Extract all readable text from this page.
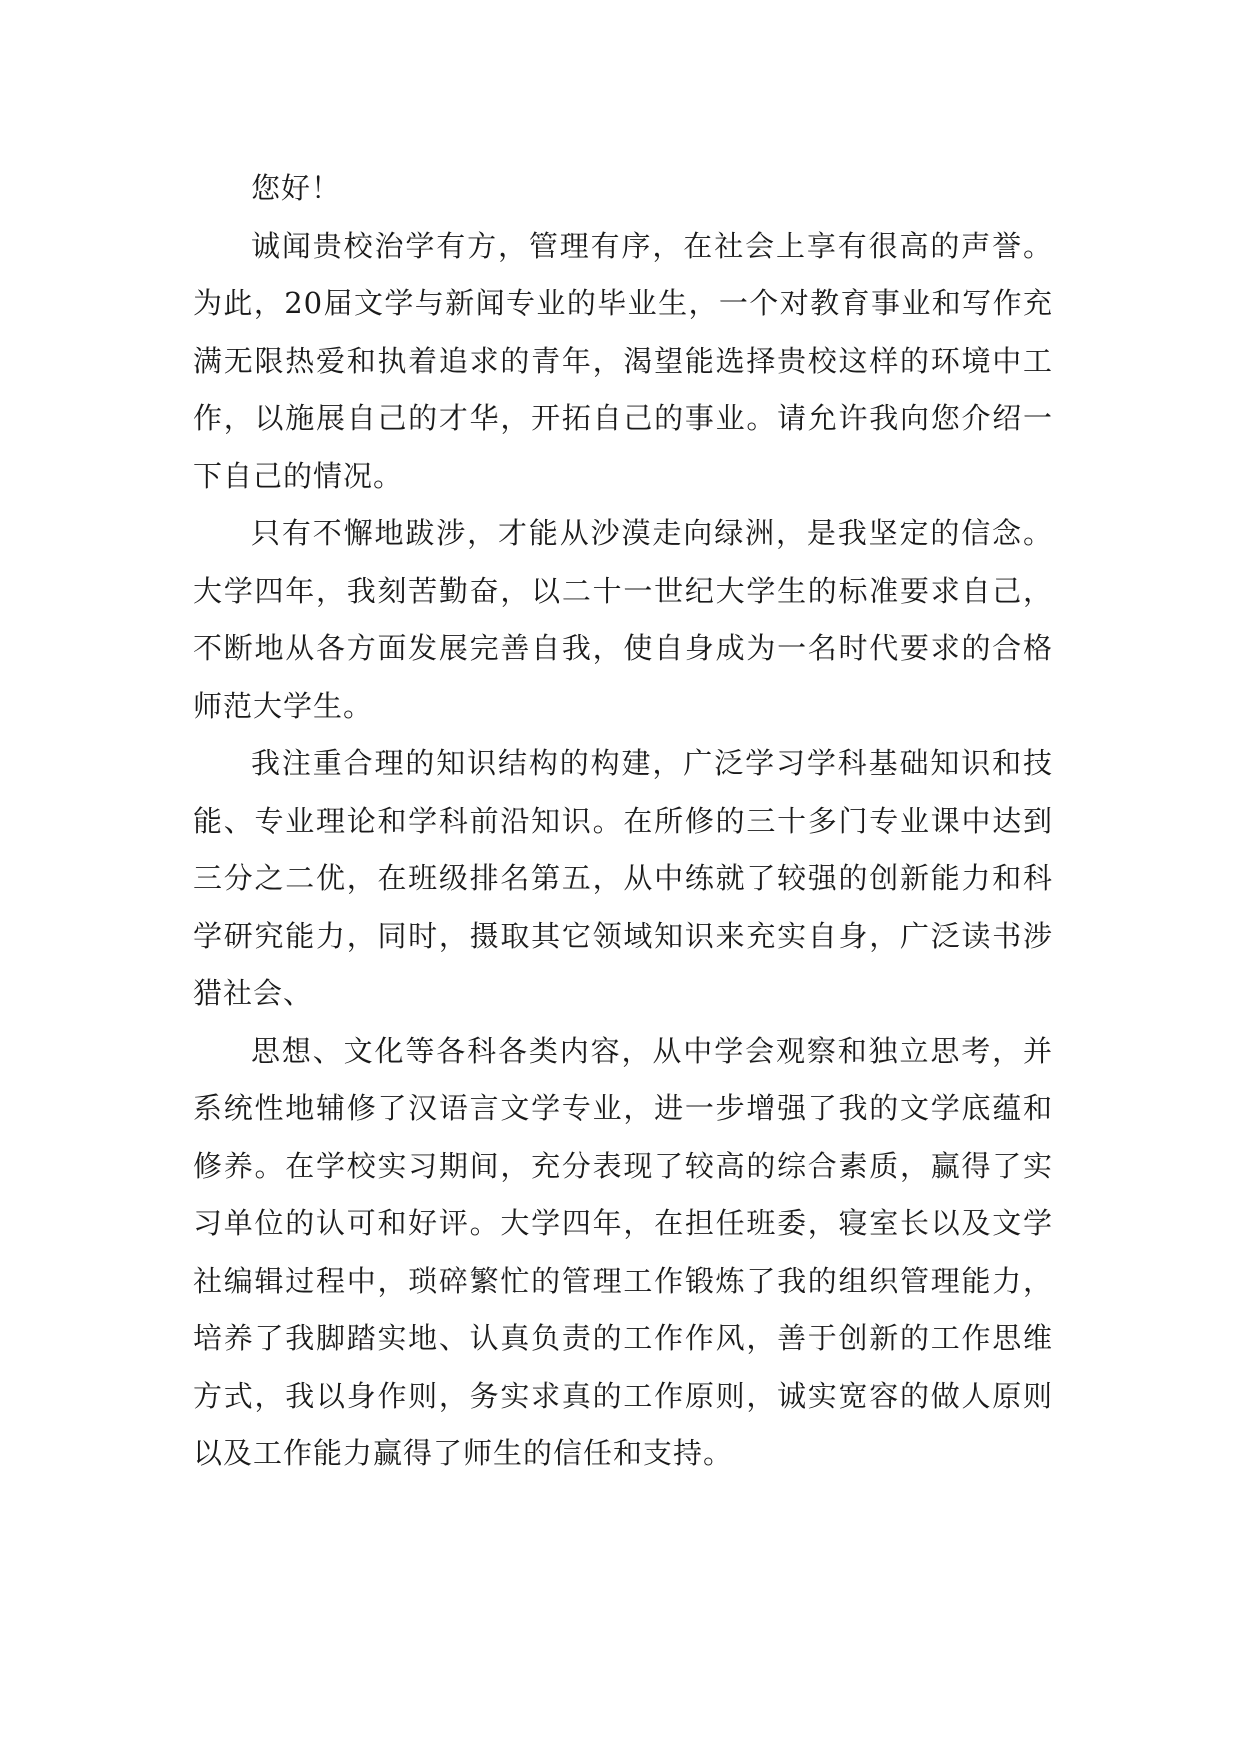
您好！

诚闻贵校治学有方，管理有序，在社会上享有很高的声誉。为此，20届文学与新闻专业的毕业生，一个对教育事业和写作充满无限热爱和执着追求的青年，渴望能选择贵校这样的环境中工作，以施展自己的才华，开拓自己的事业。请允许我向您介绍一下自己的情况。

只有不懈地跋涉，才能从沙漠走向绿洲，是我坚定的信念。大学四年，我刻苦勤奋，以二十一世纪大学生的标准要求自己，不断地从各方面发展完善自我，使自身成为一名时代要求的合格师范大学生。

我注重合理的知识结构的构建，广泛学习学科基础知识和技能、专业理论和学科前沿知识。在所修的三十多门专业课中达到三分之二优，在班级排名第五，从中练就了较强的创新能力和科学研究能力，同时，摄取其它领域知识来充实自身，广泛读书涉猎社会、

思想、文化等各科各类内容，从中学会观察和独立思考，并系统性地辅修了汉语言文学专业，进一步增强了我的文学底蕴和修养。在学校实习期间，充分表现了较高的综合素质，赢得了实习单位的认可和好评。大学四年，在担任班委，寝室长以及文学社编辑过程中，琐碎繁忙的管理工作锻炼了我的组织管理能力，培养了我脚踏实地、认真负责的工作作风，善于创新的工作思维方式，我以身作则，务实求真的工作原则，诚实宽容的做人原则以及工作能力赢得了师生的信任和支持。
